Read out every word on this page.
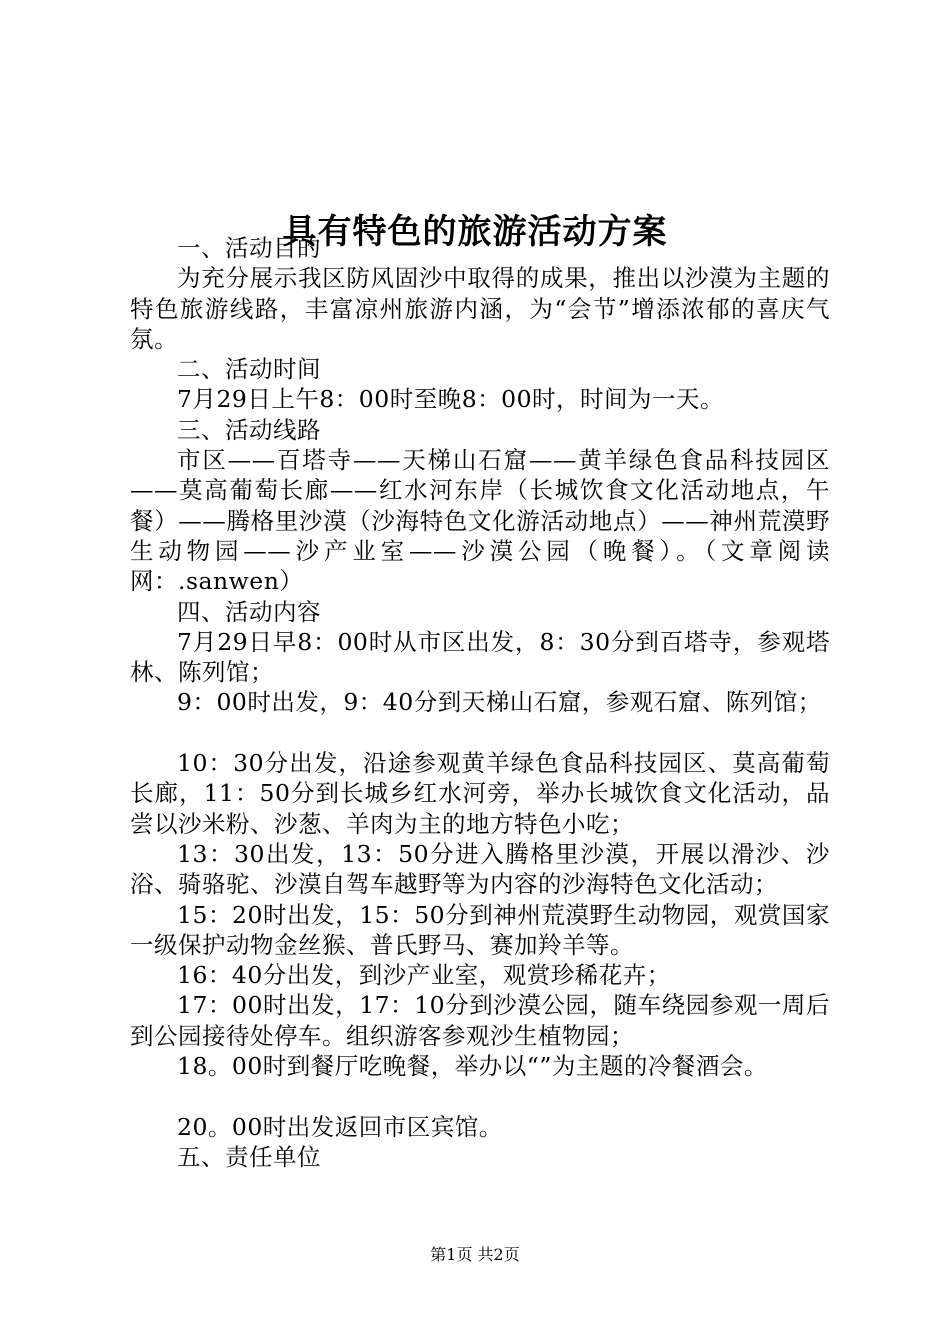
具有特色的旅游活动方案

一、活动目的

为充分展示我区防风固沙中取得的成果，推出以沙漠为主题的特色旅游线路，丰富凉州旅游内涵，为“会节”增添浓郁的喜庆气氛。

二、活动时间

7月29日上午8：00时至晚8：00时，时间为一天。

三、活动线路

市区——百塔寺——天梯山石窟——黄羊绿色食品科技园区——莫高葡萄长廊——红水河东岸（长城饮食文化活动地点，午餐）——腾格里沙漠（沙海特色文化游活动地点）——神州荒漠野生动物园——沙产业室——沙漠公园（晚餐）。（文章阅读网：.sanwen）

四、活动内容

7月29日早8：00时从市区出发，8：30分到百塔寺，参观塔林、陈列馆；

9：00时出发，9：40分到天梯山石窟，参观石窟、陈列馆；

10：30分出发，沿途参观黄羊绿色食品科技园区、莫高葡萄长廊，11：50分到长城乡红水河旁，举办长城饮食文化活动，品尝以沙米粉、沙葱、羊肉为主的地方特色小吃；

13：30出发，13：50分进入腾格里沙漠，开展以滑沙、沙浴、骑骆驼、沙漠自驾车越野等为内容的沙海特色文化活动；

15：20时出发，15：50分到神州荒漠野生动物园，观赏国家一级保护动物金丝猴、普氏野马、赛加羚羊等。

16：40分出发，到沙产业室，观赏珍稀花卉；

17：00时出发，17：10分到沙漠公园，随车绕园参观一周后到公园接待处停车。组织游客参观沙生植物园；

18。00时到餐厅吃晚餐，举办以“”为主题的冷餐酒会。

20。00时出发返回市区宾馆。

五、责任单位

第1页 共2页
